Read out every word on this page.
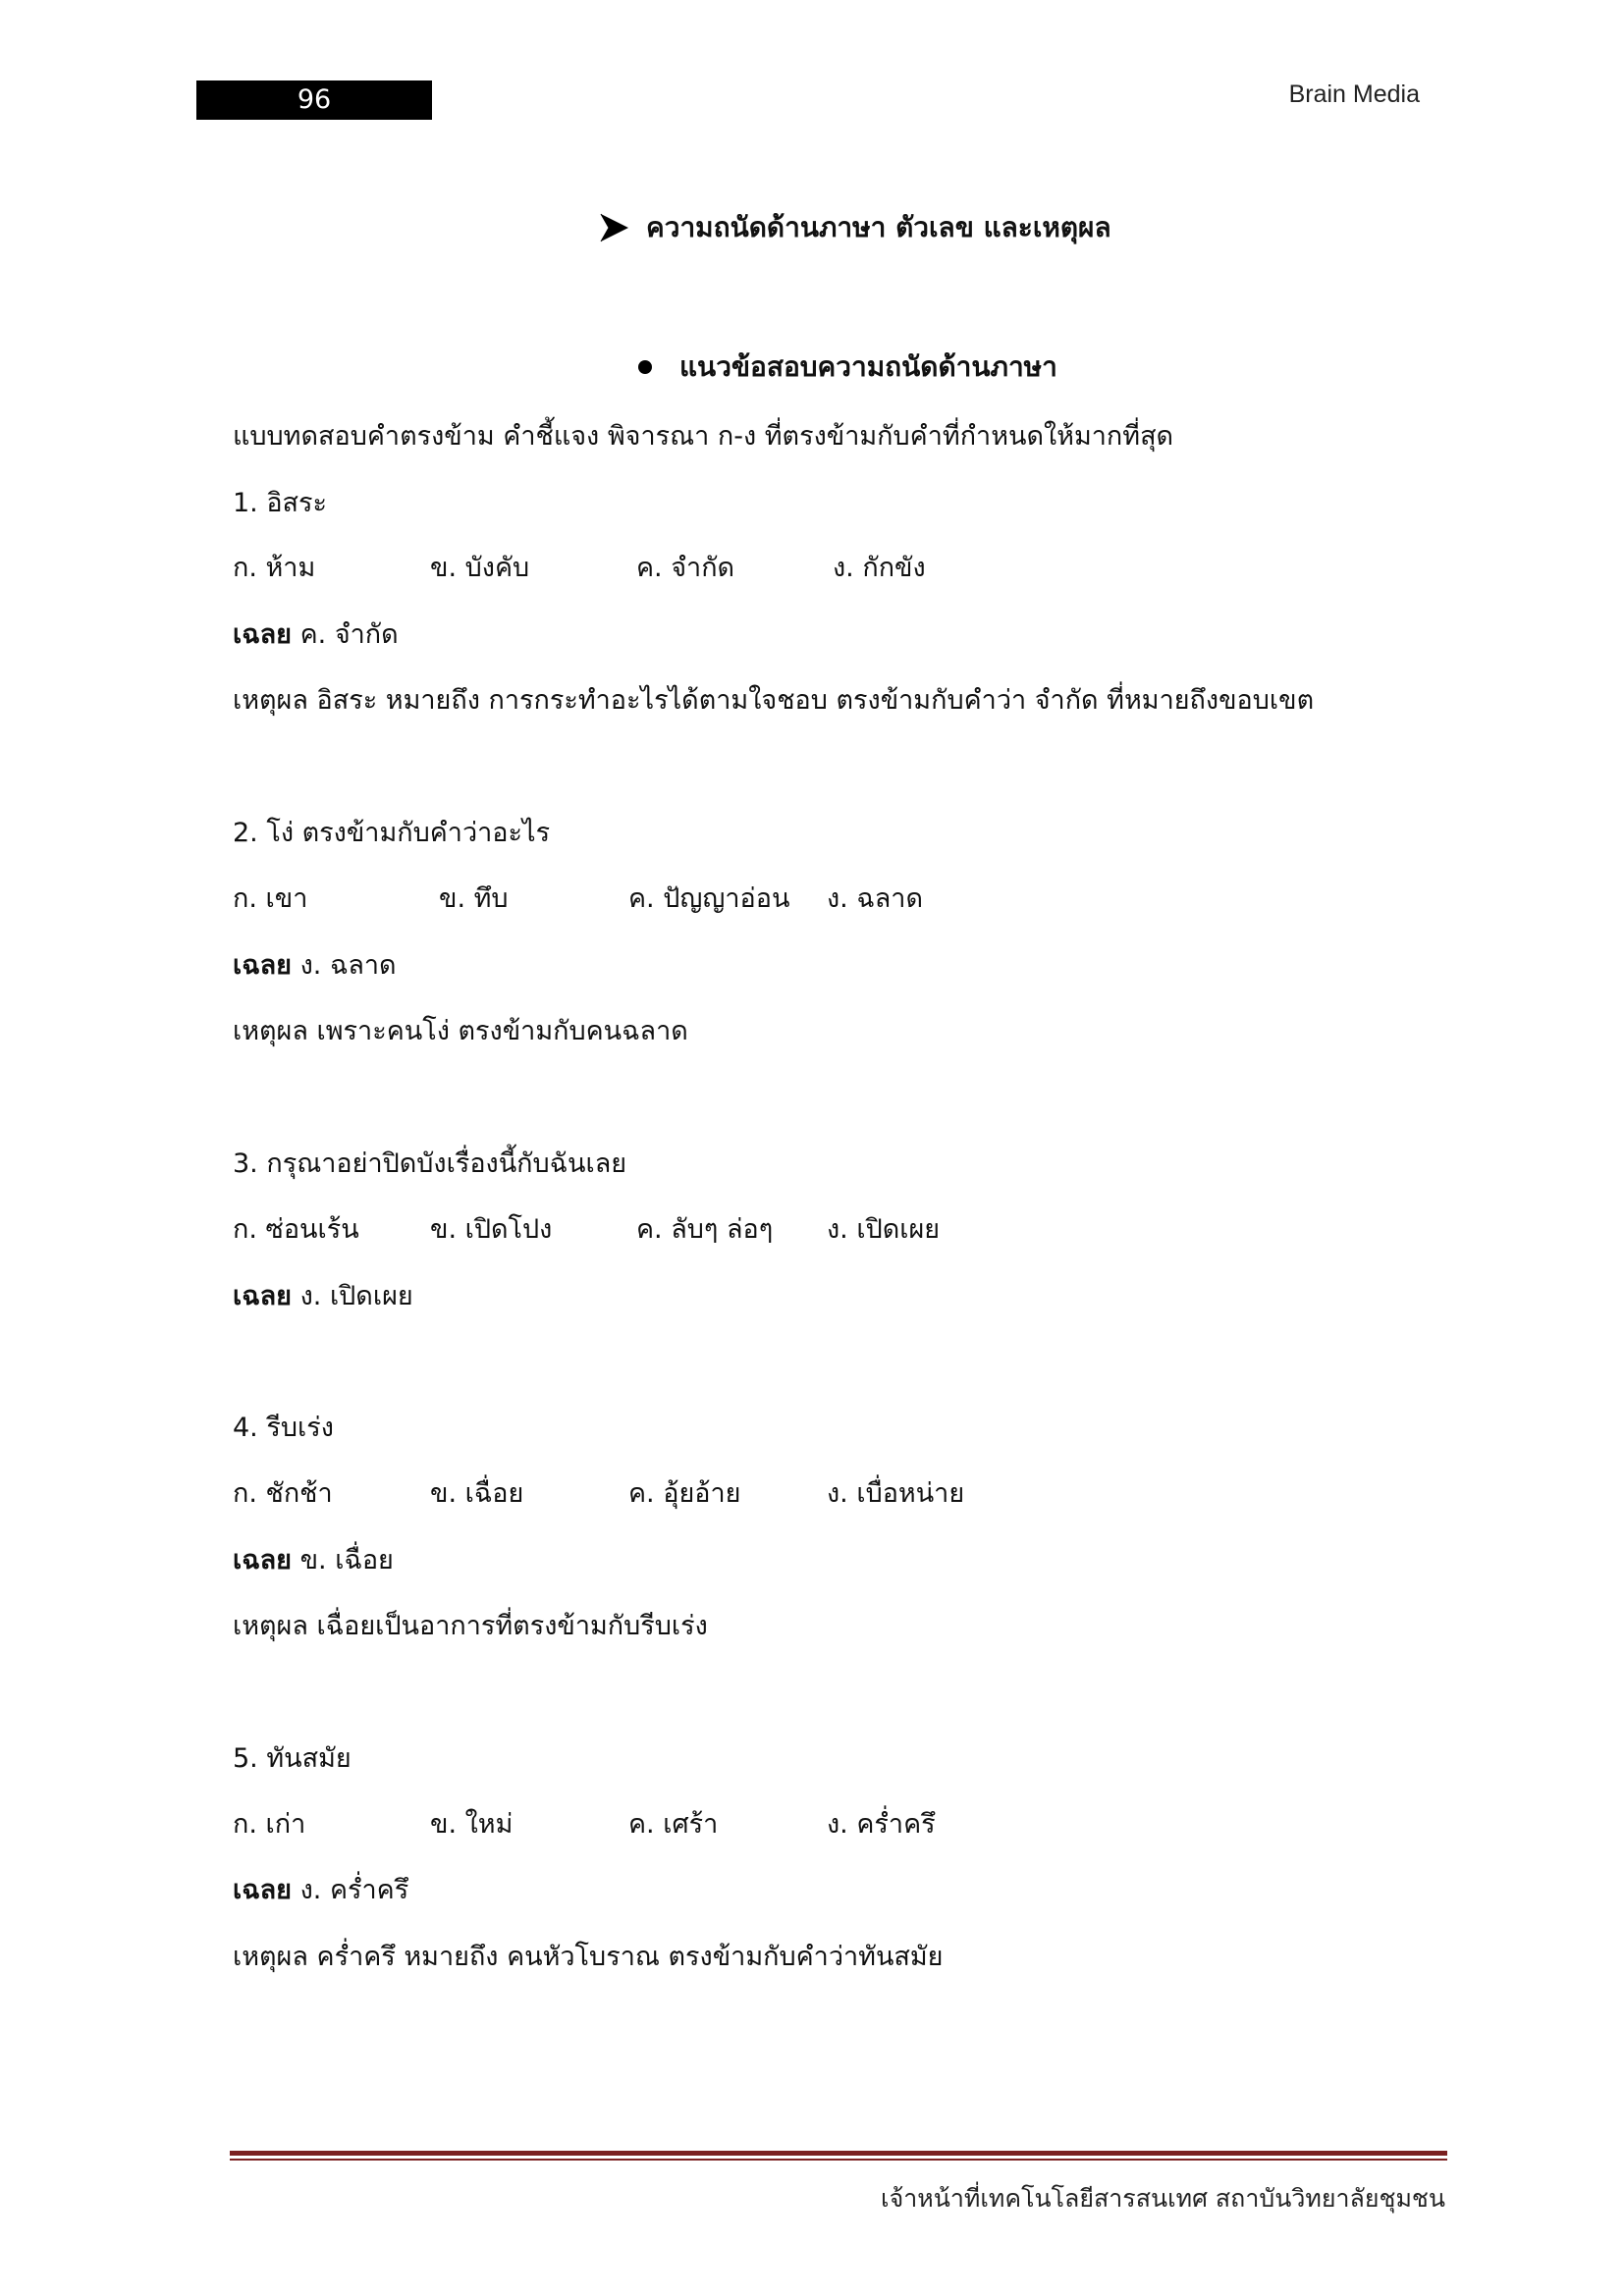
96	Brain Media
ความถนัดด้านภาษา ตัวเลข และเหตุผล
แนวข้อสอบความถนัดด้านภาษา
แบบทดสอบคำตรงข้าม คำชี้แจง พิจารณา ก-ง ที่ตรงข้ามกับคำที่กำหนดให้มากที่สุด
1. อิสระ
ก. ห้าม	ข. บังคับ	ค. จำกัด	ง. กักขัง
เฉลย ค. จำกัด
เหตุผล อิสระ หมายถึง การกระทำอะไรได้ตามใจชอบ ตรงข้ามกับคำว่า จำกัด ที่หมายถึงขอบเขต
2. โง่ ตรงข้ามกับคำว่าอะไร
ก. เขา	ข. ทึบ	ค. ปัญญาอ่อน ง. ฉลาด
เฉลย ง. ฉลาด
เหตุผล เพราะคนโง่ ตรงข้ามกับคนฉลาด
3. กรุณาอย่าปิดบังเรื่องนี้กับฉันเลย
ก. ซ่อนเร้น	ข. เปิดโปง	ค. ลับๆ ล่อๆ ง. เปิดเผย
เฉลย ง. เปิดเผย
4. รีบเร่ง
ก. ชักช้า	ข. เฉื่อย	ค. อุ้ยอ้าย	ง. เบื่อหน่าย
เฉลย ข. เฉื่อย
เหตุผล เฉื่อยเป็นอาการที่ตรงข้ามกับรีบเร่ง
5. ทันสมัย
ก. เก่า	ข. ใหม่	ค. เศร้า	ง. คร่ำครึ
เฉลย ง. คร่ำครึ
เหตุผล คร่ำครึ หมายถึง คนหัวโบราณ ตรงข้ามกับคำว่าทันสมัย
เจ้าหน้าที่เทคโนโลยีสารสนเทศ สถาบันวิทยาลัยชุมชน
